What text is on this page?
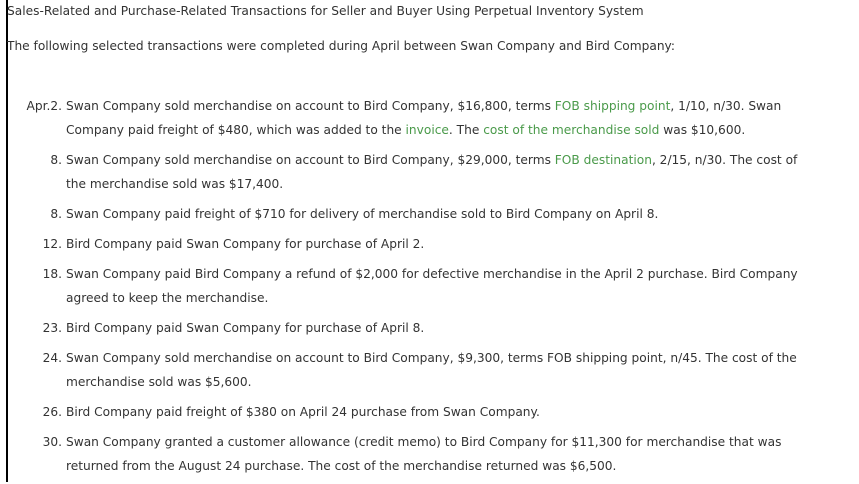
Sales-Related and Purchase-Related Transactions for Seller and Buyer Using Perpetual Inventory System
The following selected transactions were completed during April between Swan Company and Bird Company:
Apr.2. Swan Company sold merchandise on account to Bird Company, $16,800, terms FOB shipping point, 1/10, n/30. Swan Company paid freight of $480, which was added to the invoice. The cost of the merchandise sold was $10,600.
8. Swan Company sold merchandise on account to Bird Company, $29,000, terms FOB destination, 2/15, n/30. The cost of the merchandise sold was $17,400.
8. Swan Company paid freight of $710 for delivery of merchandise sold to Bird Company on April 8.
12. Bird Company paid Swan Company for purchase of April 2.
18. Swan Company paid Bird Company a refund of $2,000 for defective merchandise in the April 2 purchase. Bird Company agreed to keep the merchandise.
23. Bird Company paid Swan Company for purchase of April 8.
24. Swan Company sold merchandise on account to Bird Company, $9,300, terms FOB shipping point, n/45. The cost of the merchandise sold was $5,600.
26. Bird Company paid freight of $380 on April 24 purchase from Swan Company.
30. Swan Company granted a customer allowance (credit memo) to Bird Company for $11,300 for merchandise that was returned from the August 24 purchase. The cost of the merchandise returned was $6,500.
